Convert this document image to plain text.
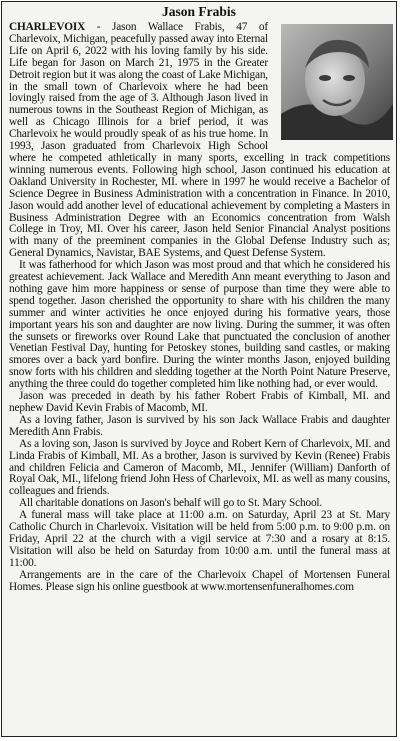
Jason Frabis

CHARLEVOIX - Jason Wallace Frabis, 47 of Charlevoix, Michigan, peacefully passed away into Eternal Life on April 6, 2022 with his loving family by his side. Life began for Jason on March 21, 1975 in the Greater Detroit region but it was along the coast of Lake Michigan, in the small town of Charlevoix where he had been lovingly raised from the age of 3. Although Jason lived in numerous towns in the Southeast Region of Michigan, as well as Chicago Illinois for a brief period, it was Charlevoix he would proudly speak of as his true home. In 1993, Jason graduated from Charlevoix High School where he competed athletically in many sports, excelling in track competitions winning numerous events. Following high school, Jason continued his education at Oakland University in Rochester, MI. where in 1997 he would receive a Bachelor of Science Degree in Business Administration with a concentration in Finance. In 2010, Jason would add another level of educational achievement by completing a Masters in Business Administration Degree with an Economics concentration from Walsh College in Troy, MI. Over his career, Jason held Senior Financial Analyst positions with many of the preeminent companies in the Global Defense Industry such as; General Dynamics, Navistar, BAE Systems, and Quest Defense System.

It was fatherhood for which Jason was most proud and that which he considered his greatest achievement. Jack Wallace and Meredith Ann meant everything to Jason and nothing gave him more happiness or sense of purpose than time they were able to spend together. Jason cherished the opportunity to share with his children the many summer and winter activities he once enjoyed during his formative years, those important years his son and daughter are now living. During the summer, it was often the sunsets or fireworks over Round Lake that punctuated the conclusion of another Venetian Festival Day, hunting for Petoskey stones, building sand castles, or making smores over a back yard bonfire. During the winter months Jason, enjoyed building snow forts with his children and sledding together at the North Point Nature Preserve, anything the three could do together completed him like nothing had, or ever would.

Jason was preceded in death by his father Robert Frabis of Kimball, MI. and nephew David Kevin Frabis of Macomb, MI.

As a loving father, Jason is survived by his son Jack Wallace Frabis and daughter Meredith Ann Frabis.

As a loving son, Jason is survived by Joyce and Robert Kern of Charlevoix, MI. and Linda Frabis of Kimball, MI. As a brother, Jason is survived by Kevin (Renee) Frabis and children Felicia and Cameron of Macomb, MI., Jennifer (William) Danforth of Royal Oak, MI., lifelong friend John Hess of Charlevoix, MI. as well as many cousins, colleagues and friends.

All charitable donations on Jason's behalf will go to St. Mary School.

A funeral mass will take place at 11:00 a.m. on Saturday, April 23 at St. Mary Catholic Church in Charlevoix. Visitation will be held from 5:00 p.m. to 9:00 p.m. on Friday, April 22 at the church with a vigil service at 7:30 and a rosary at 8:15. Visitation will also be held on Saturday from 10:00 a.m. until the funeral mass at 11:00.

Arrangements are in the care of the Charlevoix Chapel of Mortensen Funeral Homes. Please sign his online guestbook at www.mortensenfuneralhomes.com
